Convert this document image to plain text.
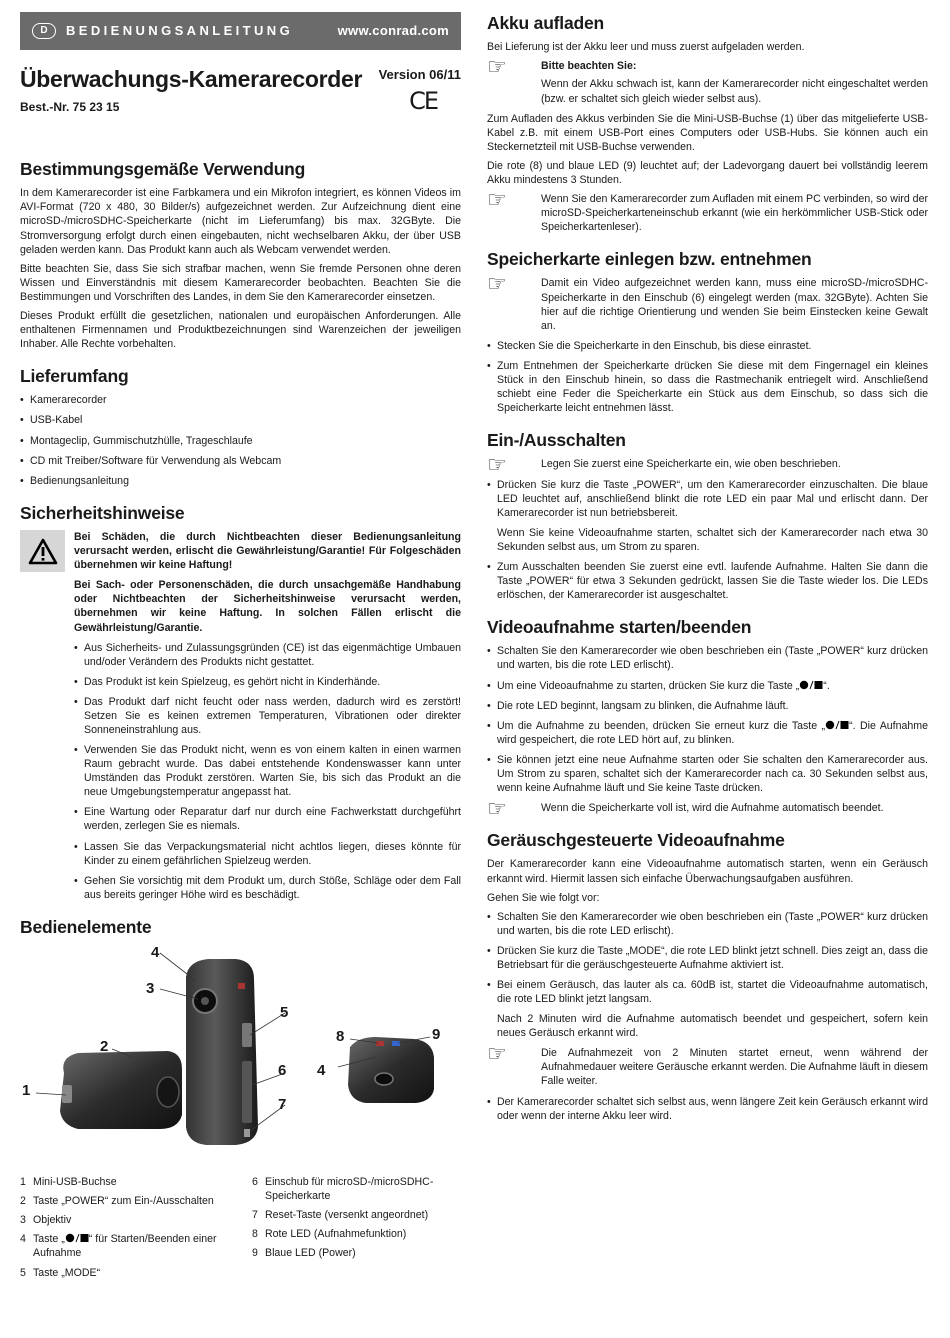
D	BEDIENUNGSANLEITUNG	www.conrad.com
Überwachungs-Kamerarecorder
Best.-Nr. 75 23 15
Version 06/11
CE
Bestimmungsgemäße Verwendung

In dem Kamerarecorder ist eine Farbkamera und ein Mikrofon integriert, es können Videos im AVI-Format (720 x 480, 30 Bilder/s) aufgezeichnet werden. Zur Aufzeichnung dient eine microSD-/microSDHC-Speicherkarte (nicht im Lieferumfang) bis max. 32GByte. Die Stromversorgung erfolgt durch einen eingebauten, nicht wechselbaren Akku, der über USB geladen werden kann. Das Produkt kann auch als Webcam verwendet werden.

Bitte beachten Sie, dass Sie sich strafbar machen, wenn Sie fremde Personen ohne deren Wissen und Einverständnis mit diesem Kamerarecorder beobachten. Beachten Sie die Bestimmungen und Vorschriften des Landes, in dem Sie den Kamerarecorder einsetzen.

Dieses Produkt erfüllt die gesetzlichen, nationalen und europäischen Anforderungen. Alle enthaltenen Firmennamen und Produktbezeichnungen sind Warenzeichen der jeweiligen Inhaber. Alle Rechte vorbehalten.

Lieferumfang
• Kamerarecorder
• USB-Kabel
• Montageclip, Gummischutzhülle, Trageschlaufe
• CD mit Treiber/Software für Verwendung als Webcam
• Bedienungsanleitung
Sicherheitshinweise

Bei Schäden, die durch Nichtbeachten dieser Bedienungsanleitung verursacht werden, erlischt die Gewährleistung/Garantie! Für Folgeschäden übernehmen wir keine Haftung!

Bei Sach- oder Personenschäden, die durch unsachgemäße Handhabung oder Nichtbeachten der Sicherheitshinweise verursacht werden, übernehmen wir keine Haftung. In solchen Fällen erlischt die Gewährleistung/Garantie.

• Aus Sicherheits- und Zulassungsgründen (CE) ist das eigenmächtige Umbauen und/oder Verändern des Produkts nicht gestattet.
• Das Produkt ist kein Spielzeug, es gehört nicht in Kinderhände.
• Das Produkt darf nicht feucht oder nass werden, dadurch wird es zerstört! Setzen Sie es keinen extremen Temperaturen, Vibrationen oder direkter Sonneneinstrahlung aus.
• Verwenden Sie das Produkt nicht, wenn es von einem kalten in einen warmen Raum gebracht wurde. Das dabei entstehende Kondenswasser kann unter Umständen das Produkt zerstören. Warten Sie, bis sich das Produkt an die neue Umgebungstemperatur angepasst hat.
• Eine Wartung oder Reparatur darf nur durch eine Fachwerkstatt durchgeführt werden, zerlegen Sie es niemals.
• Lassen Sie das Verpackungsmaterial nicht achtlos liegen, dieses könnte für Kinder zu einem gefährlichen Spielzeug werden.
• Gehen Sie vorsichtig mit dem Produkt um, durch Stöße, Schläge oder dem Fall aus bereits geringer Höhe wird es beschädigt.
Bedienelemente
4
3
5
2
6
7
1
8	9
4
1 Mini-USB-Buchse
2 Taste „POWER“ zum Ein-/Ausschalten
3 Objektiv
4 Taste „ “ für Starten/Beenden einer Aufnahme
5 Taste „MODE“
6 Einschub für microSD-/microSDHC-Speicherkarte
7 Reset-Taste (versenkt angeordnet)
8 Rote LED (Aufnahmefunktion)
9 Blaue LED (Power)
Akku aufladen

Bei Lieferung ist der Akku leer und muss zuerst aufgeladen werden.

☞	Bitte beachten Sie:
Wenn der Akku schwach ist, kann der Kamerarecorder nicht eingeschaltet werden (bzw. er schaltet sich gleich wieder selbst aus).

Zum Aufladen des Akkus verbinden Sie die Mini-USB-Buchse (1) über das mitgelieferte USB-Kabel z.B. mit einem USB-Port eines Computers oder USB-Hubs. Sie können auch ein Steckernetzteil mit USB-Buchse verwenden.

Die rote (8) und blaue LED (9) leuchtet auf; der Ladevorgang dauert bei vollständig leerem Akku mindestens 3 Stunden.

☞	Wenn Sie den Kamerarecorder zum Aufladen mit einem PC verbinden, so wird der microSD-Speicherkarteneinschub erkannt (wie ein herkömmlicher USB-Stick oder Speicherkartenleser).
Speicherkarte einlegen bzw. entnehmen
☞	Damit ein Video aufgezeichnet werden kann, muss eine microSD-/microSDHC-Speicherkarte in den Einschub (6) eingelegt werden (max. 32GByte). Achten Sie hier auf die richtige Orientierung und wenden Sie beim Einstecken keine Gewalt an.
• Stecken Sie die Speicherkarte in den Einschub, bis diese einrastet.
• Zum Entnehmen der Speicherkarte drücken Sie diese mit dem Fingernagel ein kleines Stück in den Einschub hinein, so dass die Rastmechanik entriegelt wird. Anschließend schiebt eine Feder die Speicherkarte ein Stück aus dem Einschub, so dass sich die Speicherkarte leicht entnehmen lässt.
Ein-/Ausschalten
☞	Legen Sie zuerst eine Speicherkarte ein, wie oben beschrieben.
• Drücken Sie kurz die Taste „POWER“, um den Kamerarecorder einzuschalten. Die blaue LED leuchtet auf, anschließend blinkt die rote LED ein paar Mal und erlischt dann. Der Kamerarecorder ist nun betriebsbereit.
Wenn Sie keine Videoaufnahme starten, schaltet sich der Kamerarecorder nach etwa 30 Sekunden selbst aus, um Strom zu sparen.
• Zum Ausschalten beenden Sie zuerst eine evtl. laufende Aufnahme. Halten Sie dann die Taste „POWER“ für etwa 3 Sekunden gedrückt, lassen Sie die Taste wieder los. Die LEDs erlöschen, der Kamerarecorder ist ausgeschaltet.
Videoaufnahme starten/beenden
• Schalten Sie den Kamerarecorder wie oben beschrieben ein (Taste „POWER“ kurz drücken und warten, bis die rote LED erlischt).
• Um eine Videoaufnahme zu starten, drücken Sie kurz die Taste „ “.
• Die rote LED beginnt, langsam zu blinken, die Aufnahme läuft.
• Um die Aufnahme zu beenden, drücken Sie erneut kurz die Taste „ “. Die Aufnahme wird gespeichert, die rote LED hört auf, zu blinken.
• Sie können jetzt eine neue Aufnahme starten oder Sie schalten den Kamerarecorder aus. Um Strom zu sparen, schaltet sich der Kamerarecorder nach ca. 30 Sekunden selbst aus, wenn keine Aufnahme läuft und Sie keine Taste drücken.
☞	Wenn die Speicherkarte voll ist, wird die Aufnahme automatisch beendet.
Geräuschgesteuerte Videoaufnahme

Der Kamerarecorder kann eine Videoaufnahme automatisch starten, wenn ein Geräusch erkannt wird. Hiermit lassen sich einfache Überwachungsaufgaben ausführen.

Gehen Sie wie folgt vor:

• Schalten Sie den Kamerarecorder wie oben beschrieben ein (Taste „POWER“ kurz drücken und warten, bis die rote LED erlischt).
• Drücken Sie kurz die Taste „MODE“, die rote LED blinkt jetzt schnell. Dies zeigt an, dass die Betriebsart für die geräuschgesteuerte Aufnahme aktiviert ist.
• Bei einem Geräusch, das lauter als ca. 60dB ist, startet die Videoaufnahme automatisch, die rote LED blinkt jetzt langsam.
Nach 2 Minuten wird die Aufnahme automatisch beendet und gespeichert, sofern kein neues Geräusch erkannt wird.
☞	Die Aufnahmezeit von 2 Minuten startet erneut, wenn während der Aufnahmedauer weitere Geräusche erkannt werden. Die Aufnahme läuft in diesem Falle weiter.
• Der Kamerarecorder schaltet sich selbst aus, wenn längere Zeit kein Geräusch erkannt wird oder wenn der interne Akku leer wird.
